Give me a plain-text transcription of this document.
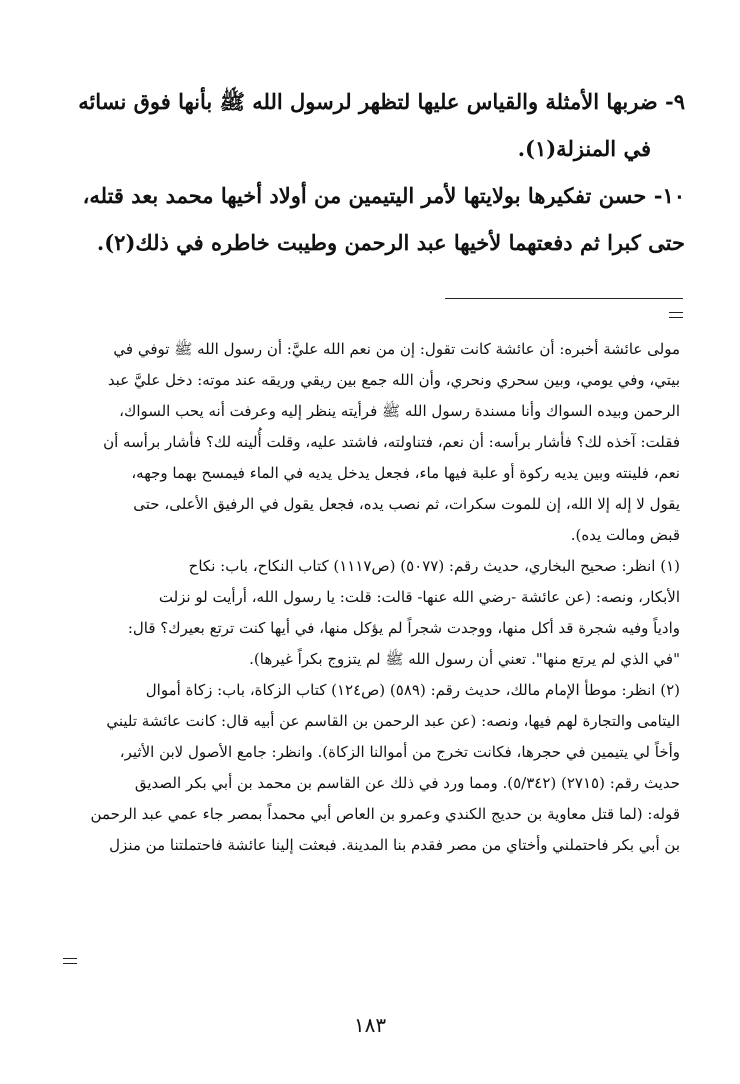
٩- ضربها الأمثلة والقياس عليها لتظهر لرسول الله ﷺ بأنها فوق نسائه

في المنزلة(١).

١٠- حسن تفكيرها بولايتها لأمر اليتيمين من أولاد أخيها محمد بعد قتله،

حتى كبرا ثم دفعتهما لأخيها عبد الرحمن وطيبت خاطره في ذلك(٢).

مولى عائشة أخبره: أن عائشة كانت تقول: إن من نعم الله عليَّ: أن رسول الله ﷺ توفي في

بيتي، وفي يومي، وبين سحري ونحري، وأن الله جمع بين ريقي وريقه عند موته: دخل عليَّ عبد

الرحمن وبيده السواك وأنا مسندة رسول الله ﷺ فرأيته ينظر إليه وعرفت أنه يحب السواك،

فقلت: آخذه لك؟ فأشار برأسه: أن نعم، فتناولته، فاشتد عليه، وقلت أُلينه لك؟ فأشار برأسه أن

نعم، فلينته وبين يديه ركوة أو علبة فيها ماء، فجعل يدخل يديه في الماء فيمسح بهما وجهه،

يقول لا إله إلا الله، إن للموت سكرات، ثم نصب يده، فجعل يقول في الرفيق الأعلى، حتى

قبض ومالت يده).

(١) انظر: صحيح البخاري، حديث رقم: (٥٠٧٧) (ص١١١٧) كتاب النكاح، باب: نكاح

الأبكار، ونصه: (عن عائشة -رضي الله عنها- قالت: قلت: يا رسول الله، أرأيت لو نزلت

وادياً وفيه شجرة قد أكل منها، ووجدت شجراً لم يؤكل منها، في أيها كنت ترتع بعيرك؟ قال:

"في الذي لم يرتع منها". تعني أن رسول الله ﷺ لم يتزوج بكراً غيرها).

(٢) انظر: موطأ الإمام مالك، حديث رقم: (٥٨٩) (ص١٢٤) كتاب الزكاة، باب: زكاة أموال

اليتامى والتجارة لهم فيها، ونصه: (عن عبد الرحمن بن القاسم عن أبيه قال: كانت عائشة تليني

وأخاً لي يتيمين في حجرها، فكانت تخرج من أموالنا الزكاة). وانظر: جامع الأصول لابن الأثير،

حديث رقم: (٢٧١٥) (٥/٣٤٢). ومما ورد في ذلك عن القاسم بن محمد بن أبي بكر الصديق

قوله: (لما قتل معاوية بن حديج الكندي وعمرو بن العاص أبي محمداً بمصر جاء عمي عبد الرحمن

بن أبي بكر فاحتملني وأختاي من مصر فقدم بنا المدينة. فبعثت إلينا عائشة فاحتملتنا من منزل

١٨٣
